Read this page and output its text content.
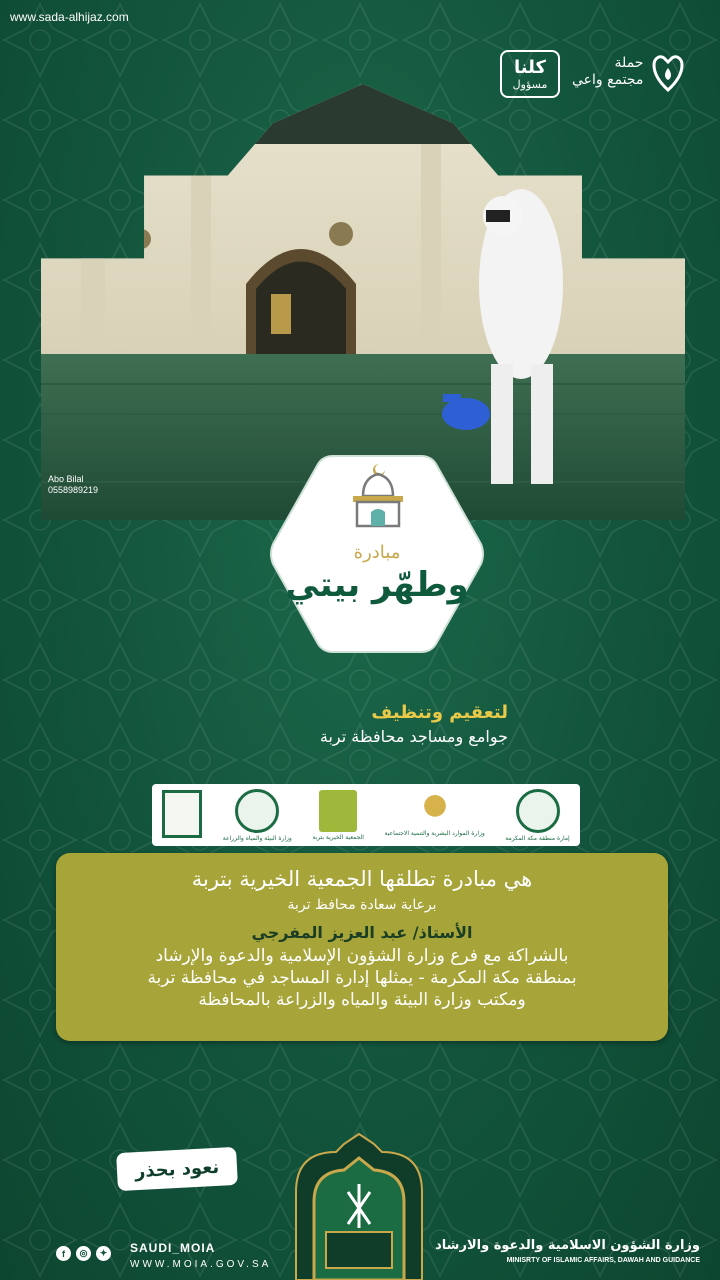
www.sada-alhijaz.com
كلنا
مسؤول
حملة
مجتمع واعي
Abo Bilal
0558989219
مبادرة
وطهّر بيتي
لتعقيم وتنظيف
جوامع ومساجد محافظة تربة
وزارة البيئة والمياه والزراعة	الجمعية الخيرية بتربة
وزارة الموارد البشرية والتنمية الاجتماعية
إمارة منطقة مكة المكرمة
هي مبادرة تطلقها الجمعية الخيرية بتربة
برعاية سعادة محافظ تربة
الأستاذ/ عبد العزيز المفرجي
بالشراكة مع فرع وزارة الشؤون الإسلامية والدعوة والإرشاد
بمنطقة مكة المكرمة - يمثلها إدارة المساجد في محافظة تربة
ومكتب وزارة البيئة والمياه والزراعة بالمحافظة
نعود بحذر
f	◎	✦	SAUDI_MOIA
WWW.MOIA.GOV.SA
وزارة الشؤون الاسلامية والدعوة والارشاد
MINISRTY OF ISLAMIC AFFAIRS, DAWAH AND GUIDANCE
